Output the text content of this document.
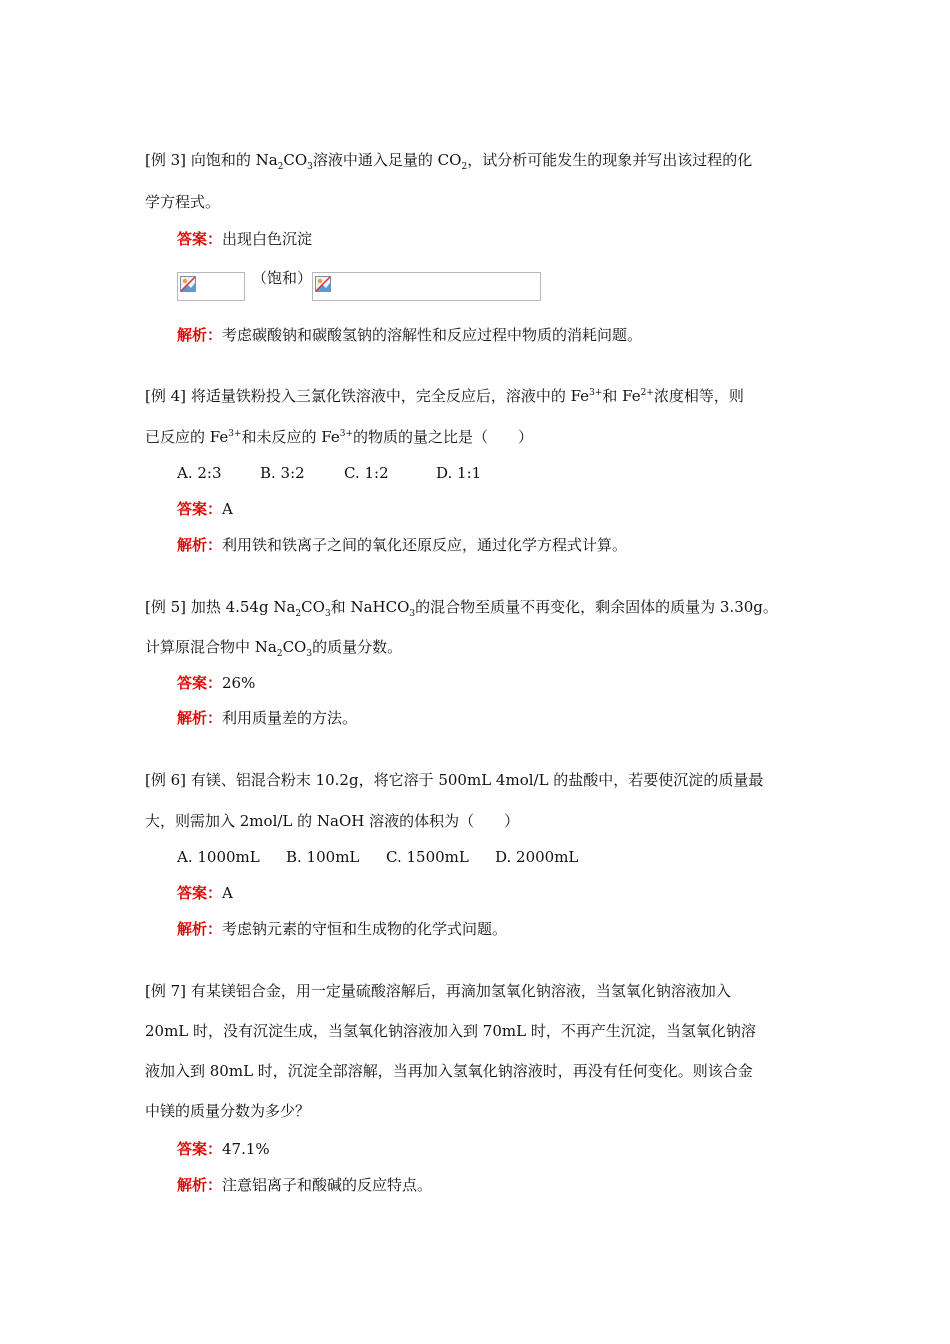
[例 3] 向饱和的 $Na_2CO_3$溶液中通入足量的 $CO_2$，试分析可能发生的现象并写出该过程的化
学方程式。
答案：出现白色沉淀
（饱和）
解析：考虑碳酸钠和碳酸氢钠的溶解性和反应过程中物质的消耗问题。
[例 4] 将适量铁粉投入三氯化铁溶液中，完全反应后，溶液中的 $Fe^{3+}$和 $Fe^{2+}$浓度相等，则
已反应的 $Fe^{3+}$和未反应的 $Fe^{3+}$的物质的量之比是（　　）
A. 2:3	B. 3:2	C. 1:2	D. 1:1
答案：A
解析：利用铁和铁离子之间的氧化还原反应，通过化学方程式计算。
[例 5] 加热 4.54g $Na_2CO_3$和 NaHCO$_3$的混合物至质量不再变化，剩余固体的质量为 3.30g。
计算原混合物中 $Na_2CO_3$的质量分数。
答案：26%
解析：利用质量差的方法。
[例 6] 有镁、铝混合粉末 10.2g，将它溶于 500mL 4mol/L 的盐酸中，若要使沉淀的质量最
大，则需加入 2mol/L 的 NaOH 溶液的体积为（　　）
A. 1000mL B. 100mL C. 1500mL D. 2000mL
答案：A
解析：考虑钠元素的守恒和生成物的化学式问题。
[例 7] 有某镁铝合金，用一定量硫酸溶解后，再滴加氢氧化钠溶液，当氢氧化钠溶液加入
20mL 时，没有沉淀生成，当氢氧化钠溶液加入到 70mL 时，不再产生沉淀，当氢氧化钠溶
液加入到 80mL 时，沉淀全部溶解，当再加入氢氧化钠溶液时，再没有任何变化。则该合金
中镁的质量分数为多少？
答案：47.1%
解析：注意铝离子和酸碱的反应特点。
